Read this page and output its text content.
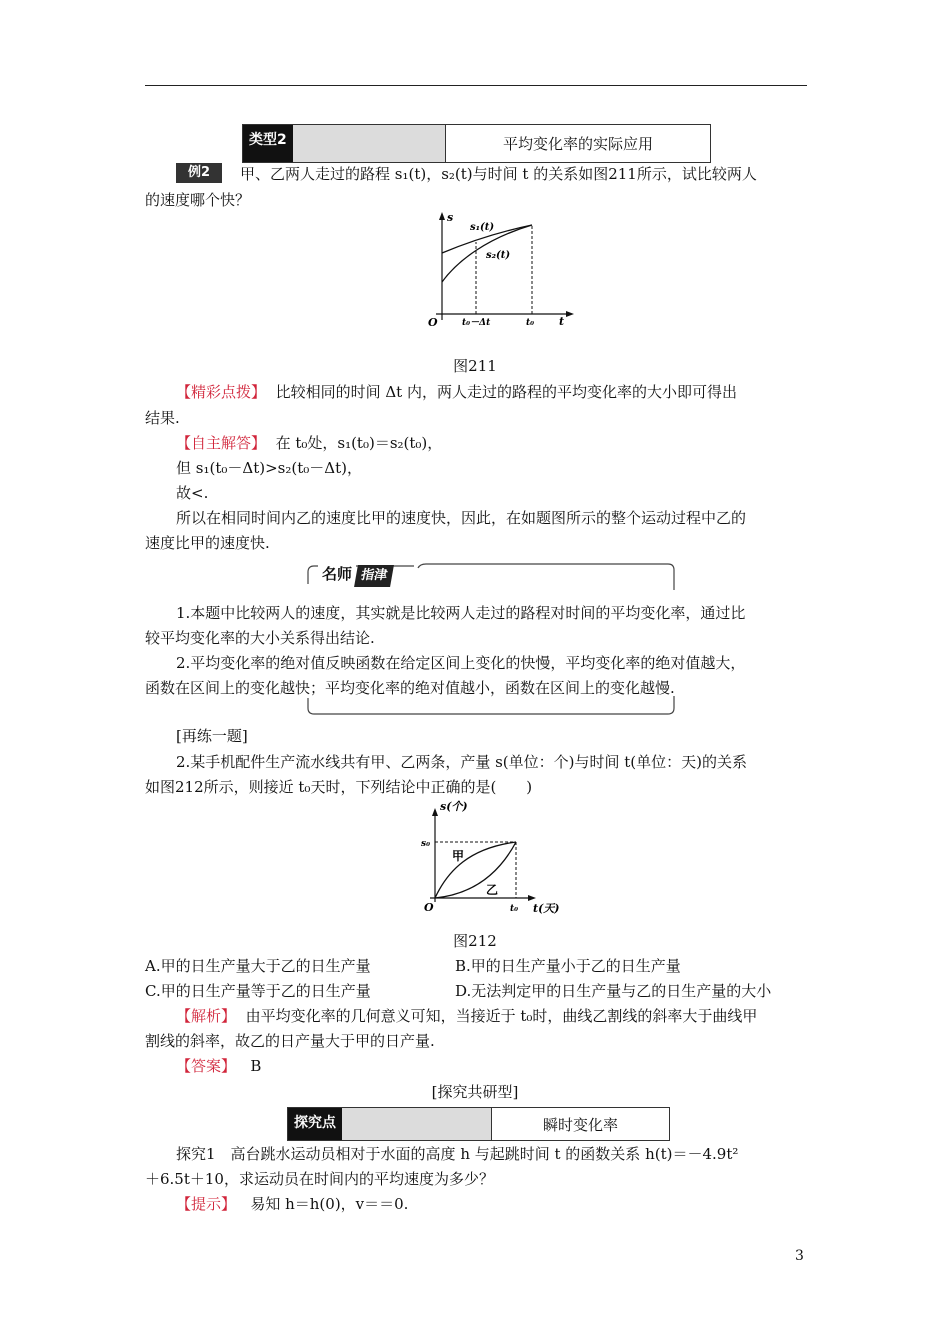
类型2	平均变化率的实际应用
例2	甲、乙两人走过的路程 s₁(t)，s₂(t)与时间 t 的关系如图211所示，试比较两人
的速度哪个快？
s
s₁(t)
s₂(t)
O	t₀－Δt	t₀ t
图211
【精彩点拨】 比较相同的时间 Δt 内，两人走过的路程的平均变化率的大小即可得出
结果.
【自主解答】 在 t₀处，s₁(t₀)＝s₂(t₀)，
但 s₁(t₀－Δt)>s₂(t₀－Δt)，
故<.
所以在相同时间内乙的速度比甲的速度快，因此，在如题图所示的整个运动过程中乙的
速度比甲的速度快.
名师 指津
1.本题中比较两人的速度，其实就是比较两人走过的路程对时间的平均变化率，通过比
较平均变化率的大小关系得出结论.
2.平均变化率的绝对值反映函数在给定区间上变化的快慢，平均变化率的绝对值越大，
函数在区间上的变化越快；平均变化率的绝对值越小，函数在区间上的变化越慢.
[再练一题]
2.某手机配件生产流水线共有甲、乙两条，产量 s(单位：个)与时间 t(单位：天)的关系
如图212所示，则接近 t₀天时，下列结论中正确的是(　　)
s(个)
s₀
甲
乙
O	t₀ t(天)
图212
A.甲的日生产量大于乙的日生产量	B.甲的日生产量小于乙的日生产量
C.甲的日生产量等于乙的日生产量	D.无法判定甲的日生产量与乙的日生产量的大小
【解析】 由平均变化率的几何意义可知，当接近于 t₀时，曲线乙割线的斜率大于曲线甲
割线的斜率，故乙的日产量大于甲的日产量.
【答案】 B
[探究共研型]
探究点	瞬时变化率
探究1　高台跳水运动员相对于水面的高度 h 与起跳时间 t 的函数关系 h(t)＝－4.9t²
＋6.5t＋10，求运动员在时间内的平均速度为多少？
【提示】 易知 h＝h(0)，v＝＝0.
3
